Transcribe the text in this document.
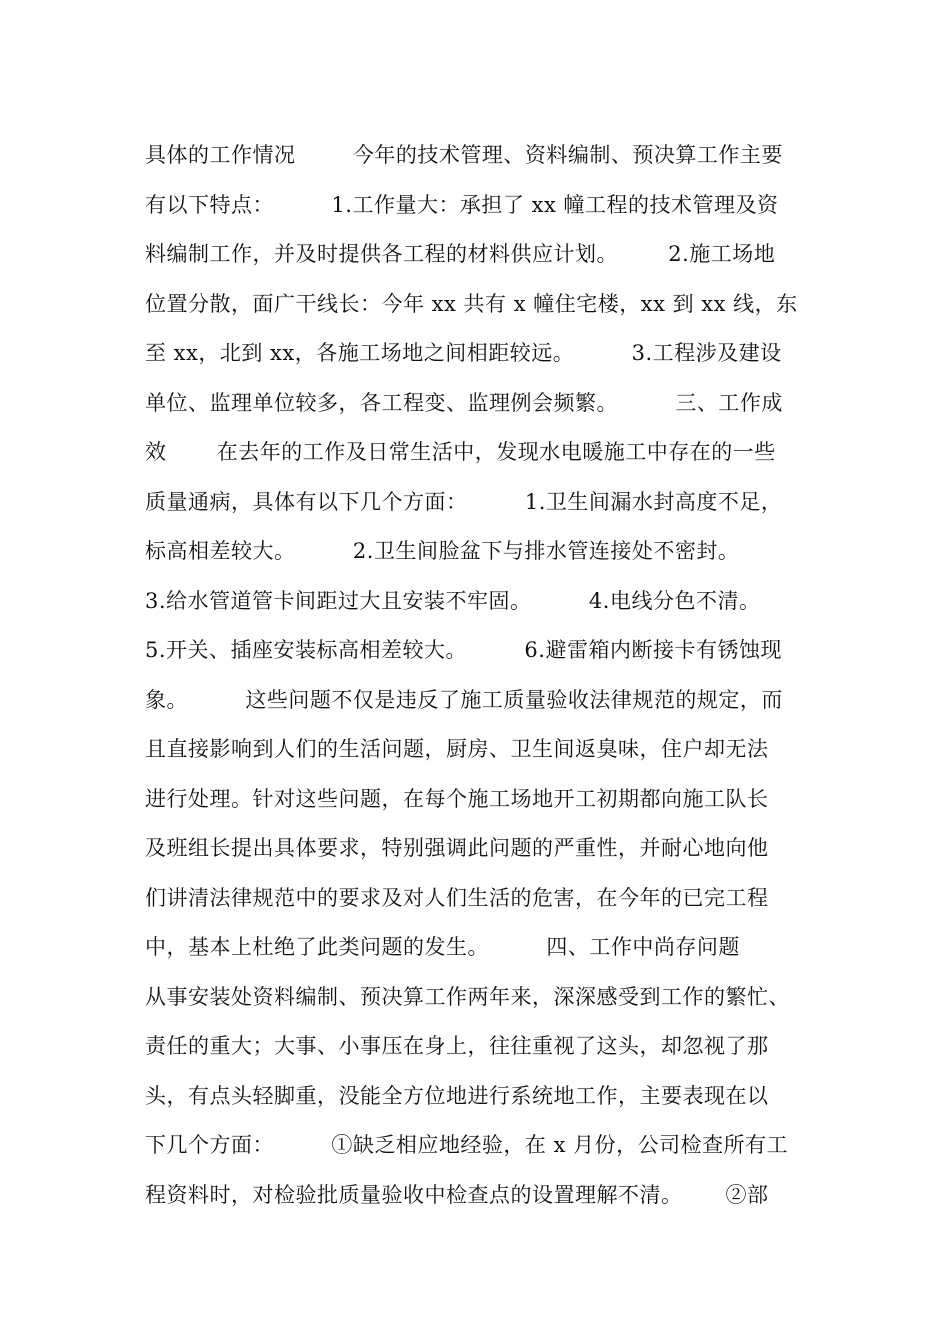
具体的工作情况        今年的技术管理、资料编制、预决算工作主要
有以下特点：        1.工作量大：承担了 xx 幢工程的技术管理及资
料编制工作，并及时提供各工程的材料供应计划。       2.施工场地
位置分散，面广干线长：今年 xx 共有 x 幢住宅楼，xx 到 xx 线，东
至 xx，北到 xx，各施工场地之间相距较远。        3.工程涉及建设
单位、监理单位较多，各工程变、监理例会频繁。        三、工作成
效       在去年的工作及日常生活中，发现水电暖施工中存在的一些
质量通病，具体有以下几个方面：        1.卫生间漏水封高度不足，
标高相差较大。        2.卫生间脸盆下与排水管连接处不密封。
3.给水管道管卡间距过大且安装不牢固。        4.电线分色不清。
5.开关、插座安装标高相差较大。        6.避雷箱内断接卡有锈蚀现
象。        这些问题不仅是违反了施工质量验收法律规范的规定，而
且直接影响到人们的生活问题，厨房、卫生间返臭味，住户却无法
进行处理。针对这些问题，在每个施工场地开工初期都向施工队长
及班组长提出具体要求，特别强调此问题的严重性，并耐心地向他
们讲清法律规范中的要求及对人们生活的危害，在今年的已完工程
中，基本上杜绝了此类问题的发生。        四、工作中尚存问题
从事安装处资料编制、预决算工作两年来，深深感受到工作的繁忙、
责任的重大；大事、小事压在身上，往往重视了这头，却忽视了那
头，有点头轻脚重，没能全方位地进行系统地工作，主要表现在以
下几个方面：        ①缺乏相应地经验，在 x 月份，公司检查所有工
程资料时，对检验批质量验收中检查点的设置理解不清。      ②部
